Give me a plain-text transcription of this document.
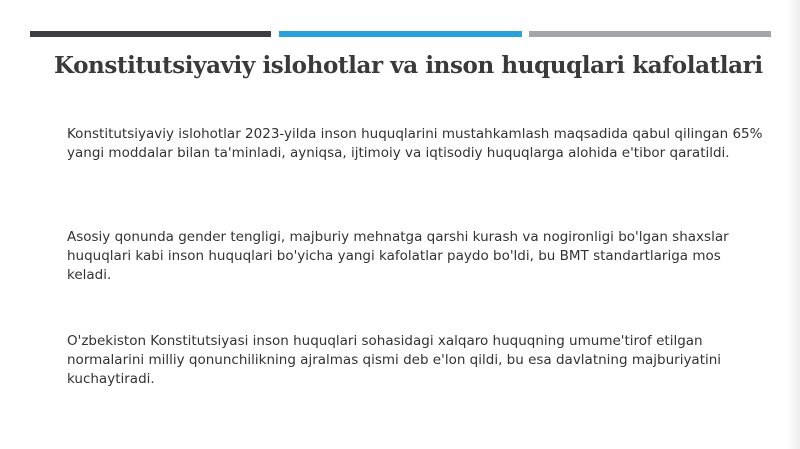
Konstitutsiyaviy islohotlar va inson huquqlari kafolatlari

Konstitutsiyaviy islohotlar 2023-yilda inson huquqlarini mustahkamlash maqsadida qabul qilingan 65% yangi moddalar bilan ta'minladi, ayniqsa, ijtimoiy va iqtisodiy huquqlarga alohida e'tibor qaratildi.

Asosiy qonunda gender tengligi, majburiy mehnatga qarshi kurash va nogironligi bo'lgan shaxslar huquqlari kabi inson huquqlari bo'yicha yangi kafolatlar paydo bo'ldi, bu BMT standartlariga mos keladi.

O'zbekiston Konstitutsiyasi inson huquqlari sohasidagi xalqaro huquqning umume'tirof etilgan normalarini milliy qonunchilikning ajralmas qismi deb e'lon qildi, bu esa davlatning majburiyatini kuchaytiradi.
